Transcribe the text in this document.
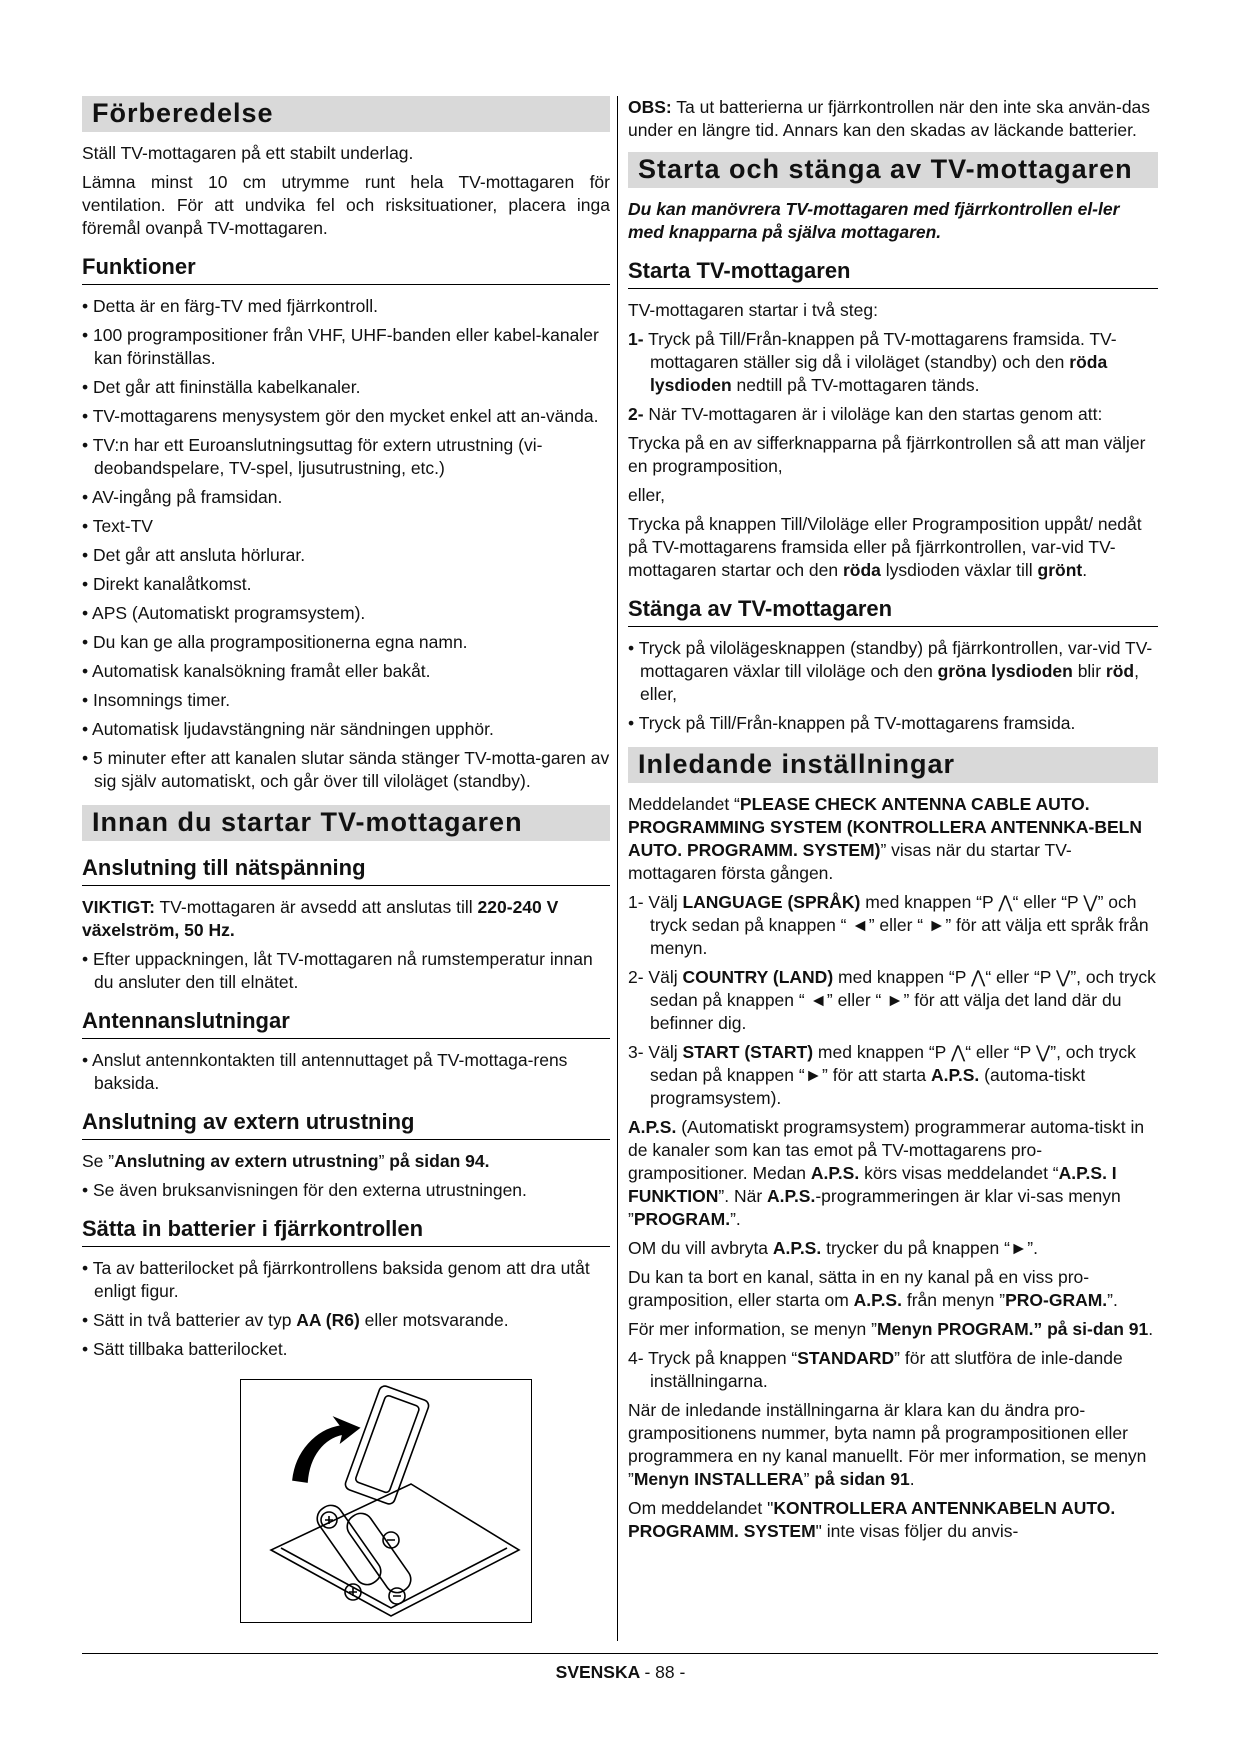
Förberedelse

Ställ TV-mottagaren på ett stabilt underlag.

Lämna minst 10 cm utrymme runt hela TV-mottagaren för ventilation. För att undvika fel och risksituationer, placera inga föremål ovanpå TV-mottagaren.

Funktioner
• Detta är en färg-TV med fjärrkontroll.
• 100 programpositioner från VHF, UHF-banden eller kabel-kanaler kan förinställas.
• Det går att fininställa kabelkanaler.
• TV-mottagarens menysystem gör den mycket enkel att an-vända.
• TV:n har ett Euroanslutningsuttag för extern utrustning (vi-deobandspelare, TV-spel, ljusutrustning, etc.)
• AV-ingång på framsidan.
• Text-TV
• Det går att ansluta hörlurar.
• Direkt kanalåtkomst.
• APS (Automatiskt programsystem).
• Du kan ge alla programpositionerna egna namn.
• Automatisk kanalsökning framåt eller bakåt.
• Insomnings timer.
• Automatisk ljudavstängning när sändningen upphör.
• 5 minuter efter att kanalen slutar sända stänger TV-motta-garen av sig själv automatiskt, och går över till viloläget (standby).
Innan du startar TV-mottagaren
Anslutning till nätspänning

VIKTIGT: TV-mottagaren är avsedd att anslutas till 220-240 V växelström, 50 Hz.

• Efter uppackningen, låt TV-mottagaren nå rumstemperatur innan du ansluter den till elnätet.
Antennanslutningar
• Anslut antennkontakten till antennuttaget på TV-mottaga-rens baksida.
Anslutning av extern utrustning

Se ”Anslutning av extern utrustning” på sidan 94.

• Se även bruksanvisningen för den externa utrustningen.
Sätta in batterier i fjärrkontrollen
• Ta av batterilocket på fjärrkontrollens baksida genom att dra utåt enligt figur.
• Sätt in två batterier av typ AA (R6) eller motsvarande.
• Sätt tillbaka batterilocket.

OBS: Ta ut batterierna ur fjärrkontrollen när den inte ska använ-das under en längre tid. Annars kan den skadas av läckande batterier.

Starta och stänga av TV-mottagaren

Du kan manövrera TV-mottagaren med fjärrkontrollen el-ler med knapparna på själva mottagaren.

Starta TV-mottagaren

TV-mottagaren startar i två steg:

1- Tryck på Till/Från-knappen på TV-mottagarens framsida. TV-mottagaren ställer sig då i viloläget (standby) och den röda lysdioden nedtill på TV-mottagaren tänds.

2- När TV-mottagaren är i viloläge kan den startas genom att:

Trycka på en av sifferknapparna på fjärrkontrollen så att man väljer en programposition,

eller,

Trycka på knappen Till/Viloläge eller Programposition uppåt/ nedåt på TV-mottagarens framsida eller på fjärrkontrollen, var-vid TV-mottagaren startar och den röda lysdioden växlar till grönt.

Stänga av TV-mottagaren
• Tryck på vilolägesknappen (standby) på fjärrkontrollen, var-vid TV-mottagaren växlar till viloläge och den gröna lysdioden blir röd, eller,
• Tryck på Till/Från-knappen på TV-mottagarens framsida.
Inledande inställningar

Meddelandet “PLEASE CHECK ANTENNA CABLE AUTO. PROGRAMMING SYSTEM (KONTROLLERA ANTENNKA-BELN AUTO. PROGRAMM. SYSTEM)” visas när du startar TV-mottagaren första gången.

1- Välj LANGUAGE (SPRÅK) med knappen “P ⋀“ eller “P ⋁” och tryck sedan på knappen “ ◄” eller “ ►” för att välja ett språk från menyn.

2- Välj COUNTRY (LAND) med knappen “P ⋀“ eller “P ⋁”, och tryck sedan på knappen “ ◄” eller “ ►” för att välja det land där du befinner dig.

3- Välj START (START) med knappen “P ⋀“ eller “P ⋁”, och tryck sedan på knappen “►” för att starta A.P.S. (automa-tiskt programsystem).

A.P.S. (Automatiskt programsystem) programmerar automa-tiskt in de kanaler som kan tas emot på TV-mottagarens pro-grampositioner. Medan A.P.S. körs visas meddelandet “A.P.S. I FUNKTION”. När A.P.S.-programmeringen är klar vi-sas menyn ”PROGRAM.”.

OM du vill avbryta A.P.S. trycker du på knappen “►”.

Du kan ta bort en kanal, sätta in en ny kanal på en viss pro-gramposition, eller starta om A.P.S. från menyn ”PRO-GRAM.”.

För mer information, se menyn ”Menyn PROGRAM.” på si-dan 91.

4- Tryck på knappen “STANDARD” för att slutföra de inle-dande inställningarna.

När de inledande inställningarna är klara kan du ändra pro-grampositionens nummer, byta namn på programpositionen eller programmera en ny kanal manuellt. För mer information, se menyn ”Menyn INSTALLERA” på sidan 91.

Om meddelandet "KONTROLLERA ANTENNKABELN AUTO. PROGRAMM. SYSTEM" inte visas följer du anvis-

SVENSKA - 88 -
